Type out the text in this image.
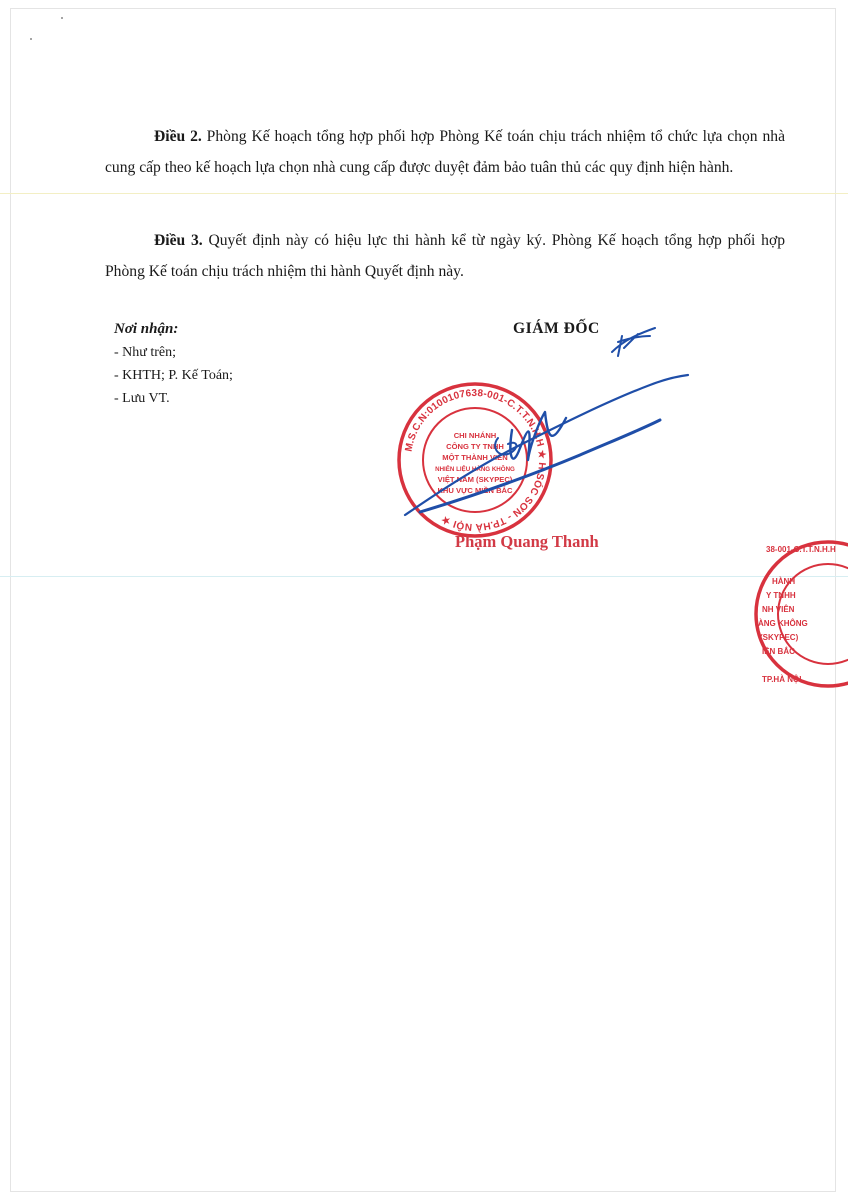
Điều 2. Phòng Kế hoạch tổng hợp phối hợp Phòng Kế toán chịu trách nhiệm tổ chức lựa chọn nhà cung cấp theo kế hoạch lựa chọn nhà cung cấp được duyệt đảm bảo tuân thủ các quy định hiện hành.

Điều 3. Quyết định này có hiệu lực thi hành kể từ ngày ký. Phòng Kế hoạch tổng hợp phối hợp Phòng Kế toán chịu trách nhiệm thi hành Quyết định này.

Nơi nhận:
- Như trên;
- KHTH; P. Kế Toán;
- Lưu VT.
GIÁM ĐỐC
M.S.C.N:0100107638-001-C.T.T.N.H.H ★ H.SÓC SƠN - TP.HÀ NỘI ★
CHI NHÁNH
CÔNG TY TNHH
MỘT THÀNH VIÊN
NHIÊN LIỆU HÀNG KHÔNG
VIỆT NAM (SKYPEC)
KHU VỰC MIỀN BẮC
38-001-C.T.T.N.H.H
HÀNH
Y TNHH
NH VIÊN
ÀNG KHÔNG
(SKYPEC)
IỀN BẮC
TP.HÀ NỘI
Phạm Quang Thanh
